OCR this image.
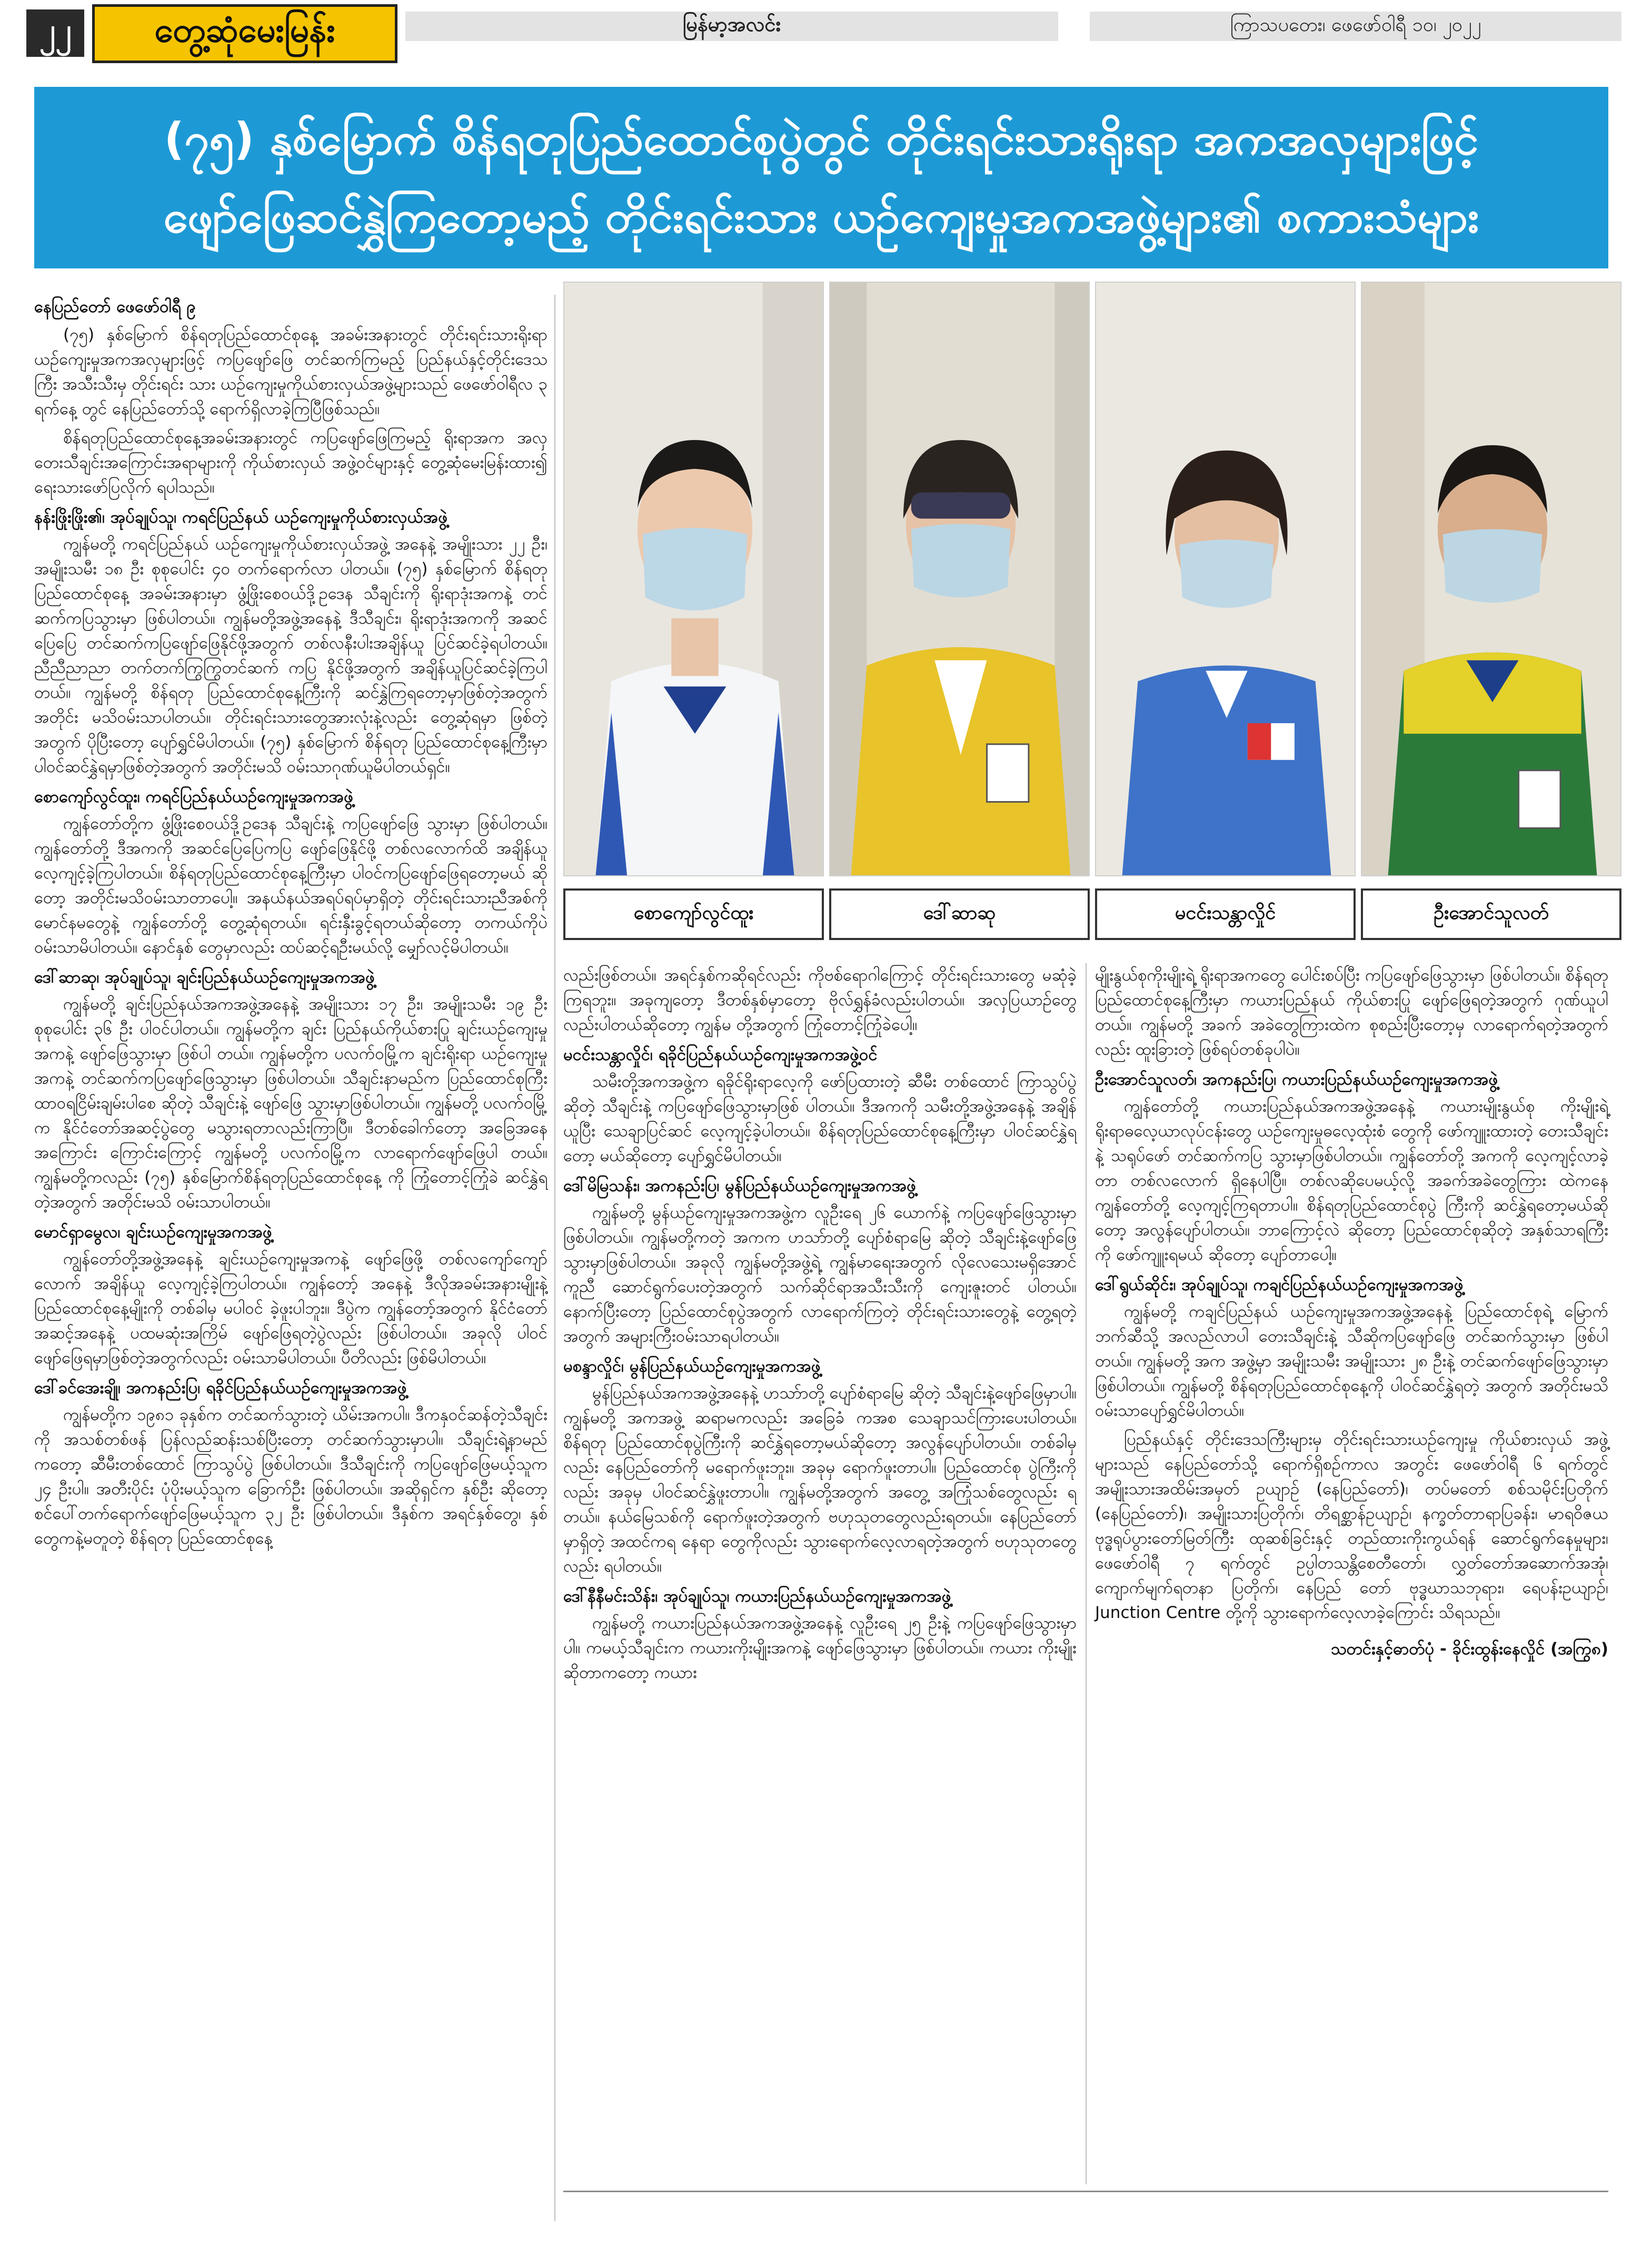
၂၂	တွေ့ဆုံမေးမြန်း	မြန်မာ့အလင်း	ကြာသပတေး၊ ဖေဖော်ဝါရီ ၁၀၊ ၂၀၂၂
(၇၅) နှစ်မြောက် စိန်ရတုပြည်ထောင်စုပွဲတွင် တိုင်းရင်းသားရိုးရာ အကအလှများဖြင့်
ဖျော်ဖြေဆင်နွှဲကြတော့မည့် တိုင်းရင်းသား ယဉ်ကျေးမှုအကအဖွဲ့များ၏ စကားသံများ
စောကျော်လွင်ထူး	ဒေါ်ဆာဆု	မငင်းသန္တာလှိုင်	ဦးအောင်သူလတ်

နေပြည်တော် ဖေဖော်ဝါရီ ၉

(၇၅) နှစ်မြောက် စိန်ရတုပြည်ထောင်စုနေ့ အခမ်းအနားတွင် တိုင်းရင်းသားရိုးရာ ယဉ်ကျေးမှုအကအလှများဖြင့် ကပြဖျော်ဖြေ တင်ဆက်ကြမည့် ပြည်နယ်နှင့်တိုင်းဒေသကြီး အသီးသီးမှ တိုင်းရင်း သား ယဉ်ကျေးမှုကိုယ်စားလှယ်အဖွဲ့များသည် ဖေဖော်ဝါရီလ ၃ ရက်နေ့ တွင် နေပြည်တော်သို့ ရောက်ရှိလာခဲ့ကြပြီဖြစ်သည်။

စိန်ရတုပြည်ထောင်စုနေ့အခမ်းအနားတွင် ကပြဖျော်ဖြေကြမည့် ရိုးရာအက အလှတေးသီချင်းအကြောင်းအရာများကို ကိုယ်စားလှယ် အဖွဲ့ဝင်များနှင့် တွေ့ဆုံမေးမြန်းထား၍ ရေးသားဖော်ပြလိုက် ရပါသည်။

နန်းဖြိုးဖြိုး၏၊ အုပ်ချုပ်သူ၊ ကရင်ပြည်နယ် ယဉ်ကျေးမှုကိုယ်စားလှယ်အဖွဲ့

ကျွန်မတို့ ကရင်ပြည်နယ် ယဉ်ကျေးမှုကိုယ်စားလှယ်အဖွဲ့ အနေနဲ့ အမျိုးသား ၂၂ ဦး၊ အမျိုးသမီး ၁၈ ဦး စုစုပေါင်း ၄၀ တက်ရောက်လာ ပါတယ်။ (၇၅) နှစ်မြောက် စိန်ရတုပြည်ထောင်စုနေ့ အခမ်းအနားမှာ ဖွံ့ဖြိုးစေဝယ်ဒို့ဥဒေန သီချင်းကို ရိုးရာဒုံးအကနဲ့ တင်ဆက်ကပြသွားမှာ ဖြစ်ပါတယ်။ ကျွန်မတို့အဖွဲ့အနေနဲ့ ဒီသီချင်း၊ ရိုးရာဒုံးအကကို အဆင် ပြေပြေ တင်ဆက်ကပြဖျော်ဖြေနိုင်ဖို့အတွက် တစ်လနီးပါးအချိန်ယူ ပြင်ဆင်ခဲ့ရပါတယ်။ ညီညီညာညာ တက်တက်ကြွကြွတင်ဆက် ကပြ နိုင်ဖို့အတွက် အချိန်ယူပြင်ဆင်ခဲ့ကြပါတယ်။ ကျွန်မတို့ စိန်ရတု ပြည်ထောင်စုနေ့ကြီးကို ဆင်နွှဲကြရတော့မှာဖြစ်တဲ့အတွက် အတိုင်း မသိဝမ်းသာပါတယ်။ တိုင်းရင်းသားတွေအားလုံးနဲ့လည်း တွေ့ဆုံရမှာ ဖြစ်တဲ့အတွက် ပိုပြီးတော့ ပျော်ရွှင်မိပါတယ်။ (၇၅) နှစ်မြောက် စိန်ရတု ပြည်ထောင်စုနေ့ကြီးမှာ ပါဝင်ဆင်နွှဲရမှာဖြစ်တဲ့အတွက် အတိုင်းမသိ ဝမ်းသာဂုဏ်ယူမိပါတယ်ရှင်။

စောကျော်လွင်ထူး၊ ကရင်ပြည်နယ်ယဉ်ကျေးမှုအကအဖွဲ့

ကျွန်တော်တို့က ဖွံ့ဖြိုးစေဝယ်ဒို့ဥဒေန သီချင်းနဲ့ ကပြဖျော်ဖြေ သွားမှာ ဖြစ်ပါတယ်။ ကျွန်တော်တို့ ဒီအကကို အဆင်ပြေပြေကပြ ဖျော်ဖြေနိုင်ဖို့ တစ်လလောက်ထိ အချိန်ယူ လေ့ကျင့်ခဲ့ကြပါတယ်။ စိန်ရတုပြည်ထောင်စုနေ့ကြီးမှာ ပါဝင်ကပြဖျော်ဖြေရတော့မယ် ဆိုတော့ အတိုင်းမသိဝမ်းသာတာပေါ့။ အနယ်နယ်အရပ်ရပ်မှာရှိတဲ့ တိုင်းရင်းသားညီအစ်ကိုမောင်နမတွေနဲ့ ကျွန်တော်တို့ တွေ့ဆုံရတယ်။ ရင်းနှီးခွင့်ရတယ်ဆိုတော့ တကယ်ကိုပဲ ဝမ်းသာမိပါတယ်။ နောင်နှစ် တွေမှာလည်း ထပ်ဆင့်ရဦးမယ်လို့ မျှော်လင့်မိပါတယ်။

ဒေါ်ဆာဆု၊ အုပ်ချုပ်သူ၊ ချင်းပြည်နယ်ယဉ်ကျေးမှုအကအဖွဲ့

ကျွန်မတို့ ချင်းပြည်နယ်အကအဖွဲ့အနေနဲ့ အမျိုးသား ၁၇ ဦး၊ အမျိုးသမီး ၁၉ ဦး စုစုပေါင်း ၃၆ ဦး ပါဝင်ပါတယ်။ ကျွန်မတို့က ချင်း ပြည်နယ်ကိုယ်စားပြု ချင်းယဉ်ကျေးမှု အကနဲ့ ဖျော်ဖြေသွားမှာ ဖြစ်ပါ တယ်။ ကျွန်မတို့က ပလက်ဝမြို့က ချင်းရိုးရာ ယဉ်ကျေးမှုအကနဲ့ တင်ဆက်ကပြဖျော်ဖြေသွားမှာ ဖြစ်ပါတယ်။ သီချင်းနာမည်က ပြည်ထောင်စုကြီး ထာဝရငြိမ်းချမ်းပါစေ ဆိုတဲ့ သီချင်းနဲ့ ဖျော်ဖြေ သွားမှာဖြစ်ပါတယ်။ ကျွန်မတို့ ပလက်ဝမြို့က နိုင်ငံတော်အဆင့်ပွဲတွေ မသွားရတာလည်းကြာပြီ။ ဒီတစ်ခေါက်တော့ အခြေအနေအကြောင်း ကြောင်းကြောင့် ကျွန်မတို့ ပလက်ဝမြို့က လာရောက်ဖျော်ဖြေပါ တယ်။ ကျွန်မတို့ကလည်း (၇၅) နှစ်မြောက်စိန်ရတုပြည်ထောင်စုနေ့ ကို ကြုံတောင့်ကြုံခဲ ဆင်နွှဲရတဲ့အတွက် အတိုင်းမသိ ဝမ်းသာပါတယ်။

မောင်ရှာမွေလ၊ ချင်းယဉ်ကျေးမှုအကအဖွဲ့

ကျွန်တော်တို့အဖွဲ့အနေနဲ့ ချင်းယဉ်ကျေးမှုအကနဲ့ ဖျော်ဖြေဖို့ တစ်လကျော်ကျော်လောက် အချိန်ယူ လေ့ကျင့်ခဲ့ကြပါတယ်။ ကျွန်တော့် အနေနဲ့ ဒီလိုအခမ်းအနားမျိုးနဲ့ ပြည်ထောင်စုနေ့မျိုးကို တစ်ခါမှ မပါဝင် ခဲ့ဖူးပါဘူး။ ဒီပွဲက ကျွန်တော့်အတွက် နိုင်ငံတော်အဆင့်အနေနဲ့ ပထမဆုံးအကြိမ် ဖျော်ဖြေရတဲ့ပွဲလည်း ဖြစ်ပါတယ်။ အခုလို ပါဝင် ဖျော်ဖြေရမှာဖြစ်တဲ့အတွက်လည်း ဝမ်းသာမိပါတယ်။ ပီတိလည်း ဖြစ်မိပါတယ်။

ဒေါ်ခင်အေးချို၊ အကနည်းပြ၊ ရခိုင်ပြည်နယ်ယဉ်ကျေးမှုအကအဖွဲ့

ကျွန်မတို့က ၁၉၈၁ ခုနှစ်က တင်ဆက်သွားတဲ့ ယိမ်းအကပါ။ ဒီကနှဝင်ဆန်တဲ့သီချင်းကို အသစ်တစ်ဖန် ပြန်လည်ဆန်းသစ်ပြီးတော့ တင်ဆက်သွားမှာပါ။ သီချင်းရဲ့နာမည်ကတော့ ဆီမီးတစ်ထောင် ကြာသွပ်ပွဲ ဖြစ်ပါတယ်။ ဒီသီချင်းကို ကပြဖျော်ဖြေမယ့်သူက ၂၄ ဦးပါ။ အတီးပိုင်း ပုံပိုးမယ့်သူက ခြောက်ဦး ဖြစ်ပါတယ်။ အဆိုရှင်က နှစ်ဦး ဆိုတော့ စင်ပေါ်တက်ရောက်ဖျော်ဖြေမယ့်သူက ၃၂ ဦး ဖြစ်ပါတယ်။ ဒီနှစ်က အရင်နှစ်တွေ၊ နှစ်တွေကနဲ့မတူတဲ့ စိန်ရတု ပြည်ထောင်စုနေ့

လည်းဖြစ်တယ်။ အရင်နှစ်ကဆိုရင်လည်း ကိုဗစ်ရောဂါကြောင့် တိုင်းရင်းသားတွေ မဆုံခဲ့ကြရဘူး။ အခုကျတော့ ဒီတစ်နှစ်မှာတော့ ဗိုလ်ရွှန်ခံလည်းပါတယ်။ အလှပြယာဉ်တွေလည်းပါတယ်ဆိုတော့ ကျွန်မ တို့အတွက် ကြုံတောင့်ကြုံခဲပေါ့။

မငင်းသန္တာလှိုင်၊ ရခိုင်ပြည်နယ်ယဉ်ကျေးမှုအကအဖွဲ့ဝင်

သမီးတို့အကအဖွဲ့က ရခိုင်ရိုးရာလေ့ကို ဖော်ပြထားတဲ့ ဆီမီး တစ်ထောင် ကြာသွပ်ပွဲ ဆိုတဲ့ သီချင်းနဲ့ ကပြဖျော်ဖြေသွားမှာဖြစ် ပါတယ်။ ဒီအကကို သမီးတို့အဖွဲ့အနေနဲ့ အချိန်ယူပြီး သေချာပြင်ဆင် လေ့ကျင့်ခဲ့ပါတယ်။ စိန်ရတုပြည်ထောင်စုနေ့ကြီးမှာ ပါဝင်ဆင်နွှဲရတော့ မယ်ဆိုတော့ ပျော်ရွှင်မိပါတယ်။

ဒေါ်မိမြသန်း၊ အကနည်းပြ၊ မွန်ပြည်နယ်ယဉ်ကျေးမှုအကအဖွဲ့

ကျွန်မတို့ မွန်ယဉ်ကျေးမှုအကအဖွဲ့က လူဦးရေ ၂၆ ယောက်နဲ့ ကပြဖျော်ဖြေသွားမှာ ဖြစ်ပါတယ်။ ကျွန်မတို့ကတဲ့ အကက ဟသာ်ာတို့ ပျော်စံရာမြေ ဆိုတဲ့ သီချင်းနဲ့ဖျော်ဖြေသွားမှာဖြစ်ပါတယ်။ အခုလို ကျွန်မတို့အဖွဲ့ရဲ့ ကျွန်မာရေးအတွက် လိုလေသေးမရှိအောင် ကူညီ ဆောင်ရွက်ပေးတဲ့အတွက် သက်ဆိုင်ရာအသီးသီးကို ကျေးဇူးတင် ပါတယ်။ နောက်ပြီးတော့ ပြည်ထောင်စုပွဲအတွက် လာရောက်ကြတဲ့ တိုင်းရင်းသားတွေနဲ့ တွေ့ရတဲ့အတွက် အများကြီးဝမ်းသာရပါတယ်။

မစန္ဒာလှိုင်၊ မွန်ပြည်နယ်ယဉ်ကျေးမှုအကအဖွဲ့

မွန်ပြည်နယ်အကအဖွဲ့အနေနဲ့ ဟသာ်ာတို့ ပျော်စံရာမြေ ဆိုတဲ့ သီချင်းနဲ့ဖျော်ဖြေမှာပါ။ ကျွန်မတို့ အကအဖွဲ့ ဆရာမကလည်း အခြေခံ ကအစ သေချာသင်ကြားပေးပါတယ်။ စိန်ရတု ပြည်ထောင်စုပွဲကြီးကို ဆင်နွှဲရတော့မယ်ဆိုတော့ အလွန်ပျော်ပါတယ်။ တစ်ခါမှလည်း နေပြည်တော်ကို မရောက်ဖူးဘူး။ အခုမှ ရောက်ဖူးတာပါ။ ပြည်ထောင်စု ပွဲကြီးကိုလည်း အခုမှ ပါဝင်ဆင်နွှဲဖူးတာပါ။ ကျွန်မတို့အတွက် အတွေ့ အကြုံသစ်တွေလည်း ရတယ်။ နယ်မြေသစ်ကို ရောက်ဖူးတဲ့အတွက် ဗဟုသုတတွေလည်းရတယ်။ နေပြည်တော်မှာရှိတဲ့ အထင်ကရ နေရာ တွေကိုလည်း သွားရောက်လေ့လာရတဲ့အတွက် ဗဟုသုတတွေလည်း ရပါတယ်။

ဒေါ်နီနီမင်းသိန်း၊ အုပ်ချုပ်သူ၊ ကယားပြည်နယ်ယဉ်ကျေးမှုအကအဖွဲ့

ကျွန်မတို့ ကယားပြည်နယ်အကအဖွဲ့အနေနဲ့ လူဦးရေ ၂၅ ဦးနဲ့ ကပြဖျော်ဖြေသွားမှာပါ။ ကမယ့်သီချင်းက ကယားကိုးမျိုးအကနဲ့ ဖျော်ဖြေသွားမှာ ဖြစ်ပါတယ်။ ကယား ကိုးမျိုးဆိုတာကတော့ ကယား

မျိုးနွယ်စုကိုးမျိုးရဲ့ ရိုးရာအကတွေ ပေါင်းစပ်ပြီး ကပြဖျော်ဖြေသွားမှာ ဖြစ်ပါတယ်။ စိန်ရတုပြည်ထောင်စုနေ့ကြီးမှာ ကယားပြည်နယ် ကိုယ်စားပြု ဖျော်ဖြေရတဲ့အတွက် ဂုဏ်ယူပါတယ်။ ကျွန်မတို့ အခက် အခဲတွေကြားထဲက စုစည်းပြီးတော့မှ လာရောက်ရတဲ့အတွက် လည်း ထူးခြားတဲ့ ဖြစ်ရပ်တစ်ခုပါပဲ။

ဦးအောင်သူလတ်၊ အကနည်းပြ၊ ကယားပြည်နယ်ယဉ်ကျေးမှုအကအဖွဲ့

ကျွန်တော်တို့ ကယားပြည်နယ်အကအဖွဲ့အနေနဲ့ ကယားမျိုးနွယ်စု ကိုးမျိုးရဲ့ ရိုးရာဓလေ့ယာလုပ်ငန်းတွေ ယဉ်ကျေးမှုဓလေ့ထုံးစံ တွေကို ဖော်ကျူးထားတဲ့ တေးသီချင်းနဲ့ သရုပ်ဖော် တင်ဆက်ကပြ သွားမှာဖြစ်ပါတယ်။ ကျွန်တော်တို့ အကကို လေ့ကျင့်လာခဲ့တာ တစ်လလောက် ရှိနေပါပြီ။ တစ်လဆိုပေမယ့်လို့ အခက်အခဲတွေကြား ထဲကနေ ကျွန်တော်တို့ လေ့ကျင့်ကြရတာပါ။ စိန်ရတုပြည်ထောင်စုပွဲ ကြီးကို ဆင်နွှဲရတော့မယ်ဆိုတော့ အလွန်ပျော်ပါတယ်။ ဘာကြောင့်လဲ ဆိုတော့ ပြည်ထောင်စုဆိုတဲ့ အနှစ်သာရကြီးကို ဖော်ကျူးရမယ် ဆိုတော့ ပျော်တာပေါ့။

ဒေါ်ရွယ်ဆိုင်း၊ အုပ်ချုပ်သူ၊ ကချင်ပြည်နယ်ယဉ်ကျေးမှုအကအဖွဲ့

ကျွန်မတို့ ကချင်ပြည်နယ် ယဉ်ကျေးမှုအကအဖွဲ့အနေနဲ့ ပြည်ထောင်စုရဲ့ မြောက်ဘက်ဆီသို့ အလည်လာပါ တေးသီချင်းနဲ့ သီဆိုကပြဖျော်ဖြေ တင်ဆက်သွားမှာ ဖြစ်ပါတယ်။ ကျွန်မတို့ အက အဖွဲ့မှာ အမျိုးသမီး အမျိုးသား ၂၈ ဦးနဲ့ တင်ဆက်ဖျော်ဖြေသွားမှာ ဖြစ်ပါတယ်။ ကျွန်မတို့ စိန်ရတုပြည်ထောင်စုနေ့ကို ပါဝင်ဆင်နွှဲရတဲ့ အတွက် အတိုင်းမသိ ဝမ်းသာပျော်ရွှင်မိပါတယ်။

ပြည်နယ်နှင့် တိုင်းဒေသကြီးများမှ တိုင်းရင်းသားယဉ်ကျေးမှု ကိုယ်စားလှယ် အဖွဲ့များသည် နေပြည်တော်သို့ ရောက်ရှိစဉ်ကာလ အတွင်း ဖေဖော်ဝါရီ ၆ ရက်တွင် အမျိုးသားအထိမ်းအမှတ် ဥယျာဉ် (နေပြည်တော်)၊ တပ်မတော် စစ်သမိုင်းပြတိုက် (နေပြည်တော်)၊ အမျိုးသားပြတိုက်၊ တိရစ္ဆာန်ဥယျာဉ်၊ နက္ခတ်တာရာပြခန်း၊ မာရဝိဇယ ဗုဒ္ဓရုပ်ပွားတော်မြတ်ကြီး ထုဆစ်ခြင်းနှင့် တည်ထားကိုးကွယ်ရန် ဆောင်ရွက်နေမှုများ၊ ဖေဖော်ဝါရီ ၇ ရက်တွင် ဥပ္ပါတသန္တိစေတီတော်၊ လွှတ်တော်အဆောက်အအုံ၊ ကျောက်မျက်ရတနာ ပြတိုက်၊ နေပြည် တော် ဗုဒ္ဓဃာသဘုရား၊ ရေပန်းဥယျာဉ်၊ Junction Centre တို့ကို သွားရောက်လေ့လာခဲ့ကြောင်း သိရသည်။

သတင်းနှင့်ဓာတ်ပုံ - ခိုင်းထွန်းနေလှိုင် (အကြွ၈)
